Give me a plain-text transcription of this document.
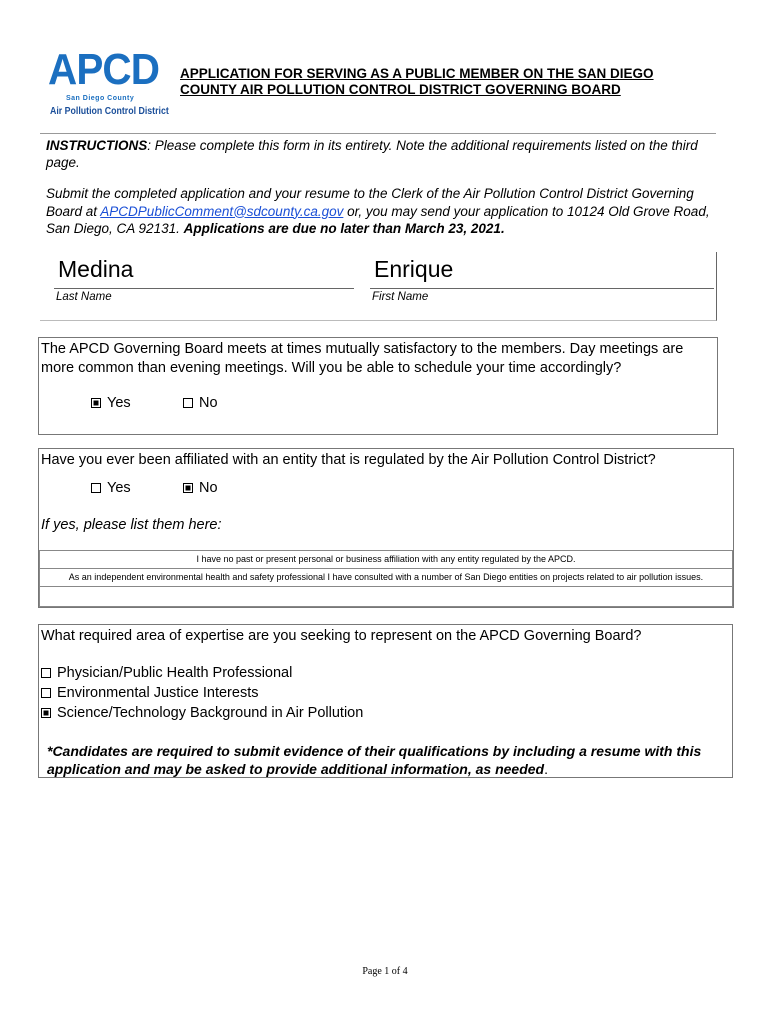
APCD
San Diego County
Air Pollution Control District
APPLICATION FOR SERVING AS A PUBLIC MEMBER ON THE SAN DIEGO COUNTY AIR POLLUTION CONTROL DISTRICT GOVERNING BOARD
INSTRUCTIONS: Please complete this form in its entirety. Note the additional requirements listed on the third page.
Submit the completed application and your resume to the Clerk of the Air Pollution Control District Governing Board at APCDPublicComment@sdcounty.ca.gov or, you may send your application to 10124 Old Grove Road, San Diego, CA 92131. Applications are due no later than March 23, 2021.
Medina
Last Name
Enrique
First Name
The APCD Governing Board meets at times mutually satisfactory to the members. Day meetings are more common than evening meetings. Will you be able to schedule your time accordingly?
Yes	No
Have you ever been affiliated with an entity that is regulated by the Air Pollution Control District?
Yes	No
If yes, please list them here:
I have no past or present personal or business affiliation with any entity regulated by the APCD.
As an independent environmental health and safety professional I have consulted with a number of San Diego entities on projects related to air pollution issues.
What required area of expertise are you seeking to represent on the APCD Governing Board?
Physician/Public Health Professional
Environmental Justice Interests
Science/Technology Background in Air Pollution
*Candidates are required to submit evidence of their qualifications by including a resume with this application and may be asked to provide additional information, as needed.
Page 1 of 4
